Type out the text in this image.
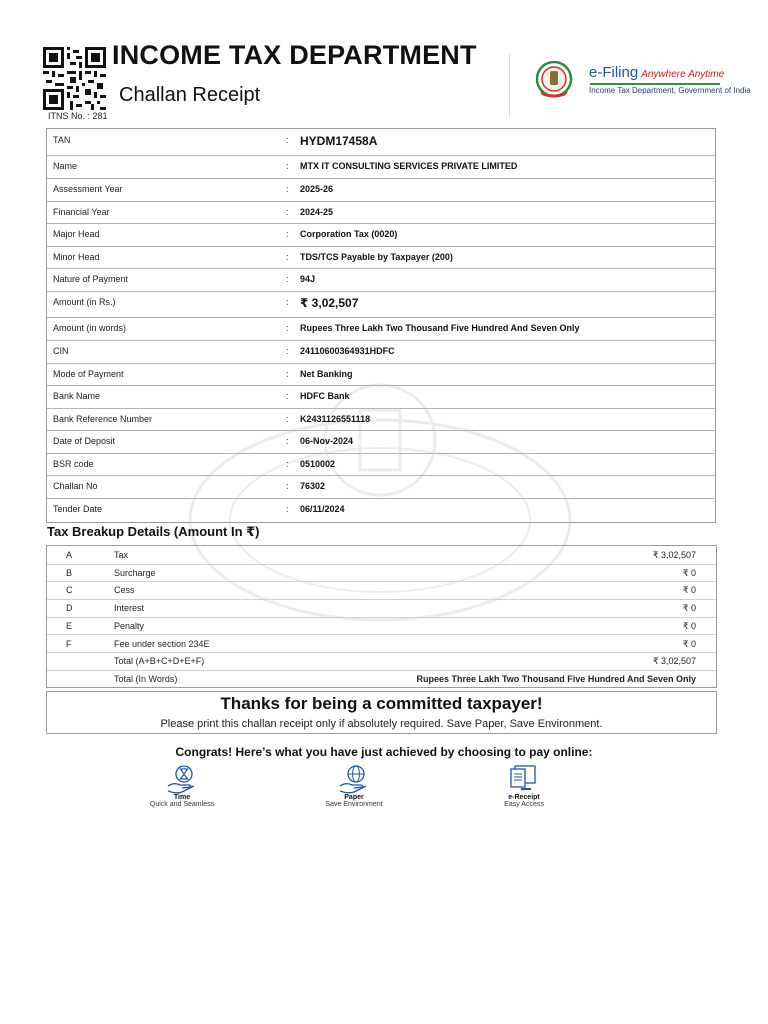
INCOME TAX DEPARTMENT
Challan Receipt
ITNS No. : 281
e-Filing Anywhere Anytime
Income Tax Department, Government of India
TAN	: HYDM17458A
Name	: MTX IT CONSULTING SERVICES PRIVATE LIMITED
Assessment Year	: 2025-26
Financial Year	: 2024-25
Major Head	: Corporation Tax (0020)
Minor Head	: TDS/TCS Payable by Taxpayer (200)
Nature of Payment	: 94J
Amount (in Rs.)	: ₹ 3,02,507
Amount (in words)	: Rupees Three Lakh Two Thousand Five Hundred And Seven Only
CIN	: 24110600364931HDFC
Mode of Payment	: Net Banking
Bank Name	: HDFC Bank
Bank Reference Number	: K2431126551118
Date of Deposit	: 06-Nov-2024
BSR code	: 0510002
Challan No	: 76302
Tender Date	: 06/11/2024
Tax Breakup Details (Amount In ₹)
A	Tax	₹ 3,02,507
B	Surcharge	₹ 0
C	Cess	₹ 0
D	Interest	₹ 0
E	Penalty	₹ 0
F	Fee under section 234E	₹ 0
Total (A+B+C+D+E+F)	₹ 3,02,507
Total (In Words)	Rupees Three Lakh Two Thousand Five Hundred And Seven Only
Thanks for being a committed taxpayer!
Please print this challan receipt only if absolutely required. Save Paper, Save Environment.
Congrats! Here’s what you have just achieved by choosing to pay online:
Time
Quick and Seamless
Paper
Save Environment
e-Receipt
Easy Access
